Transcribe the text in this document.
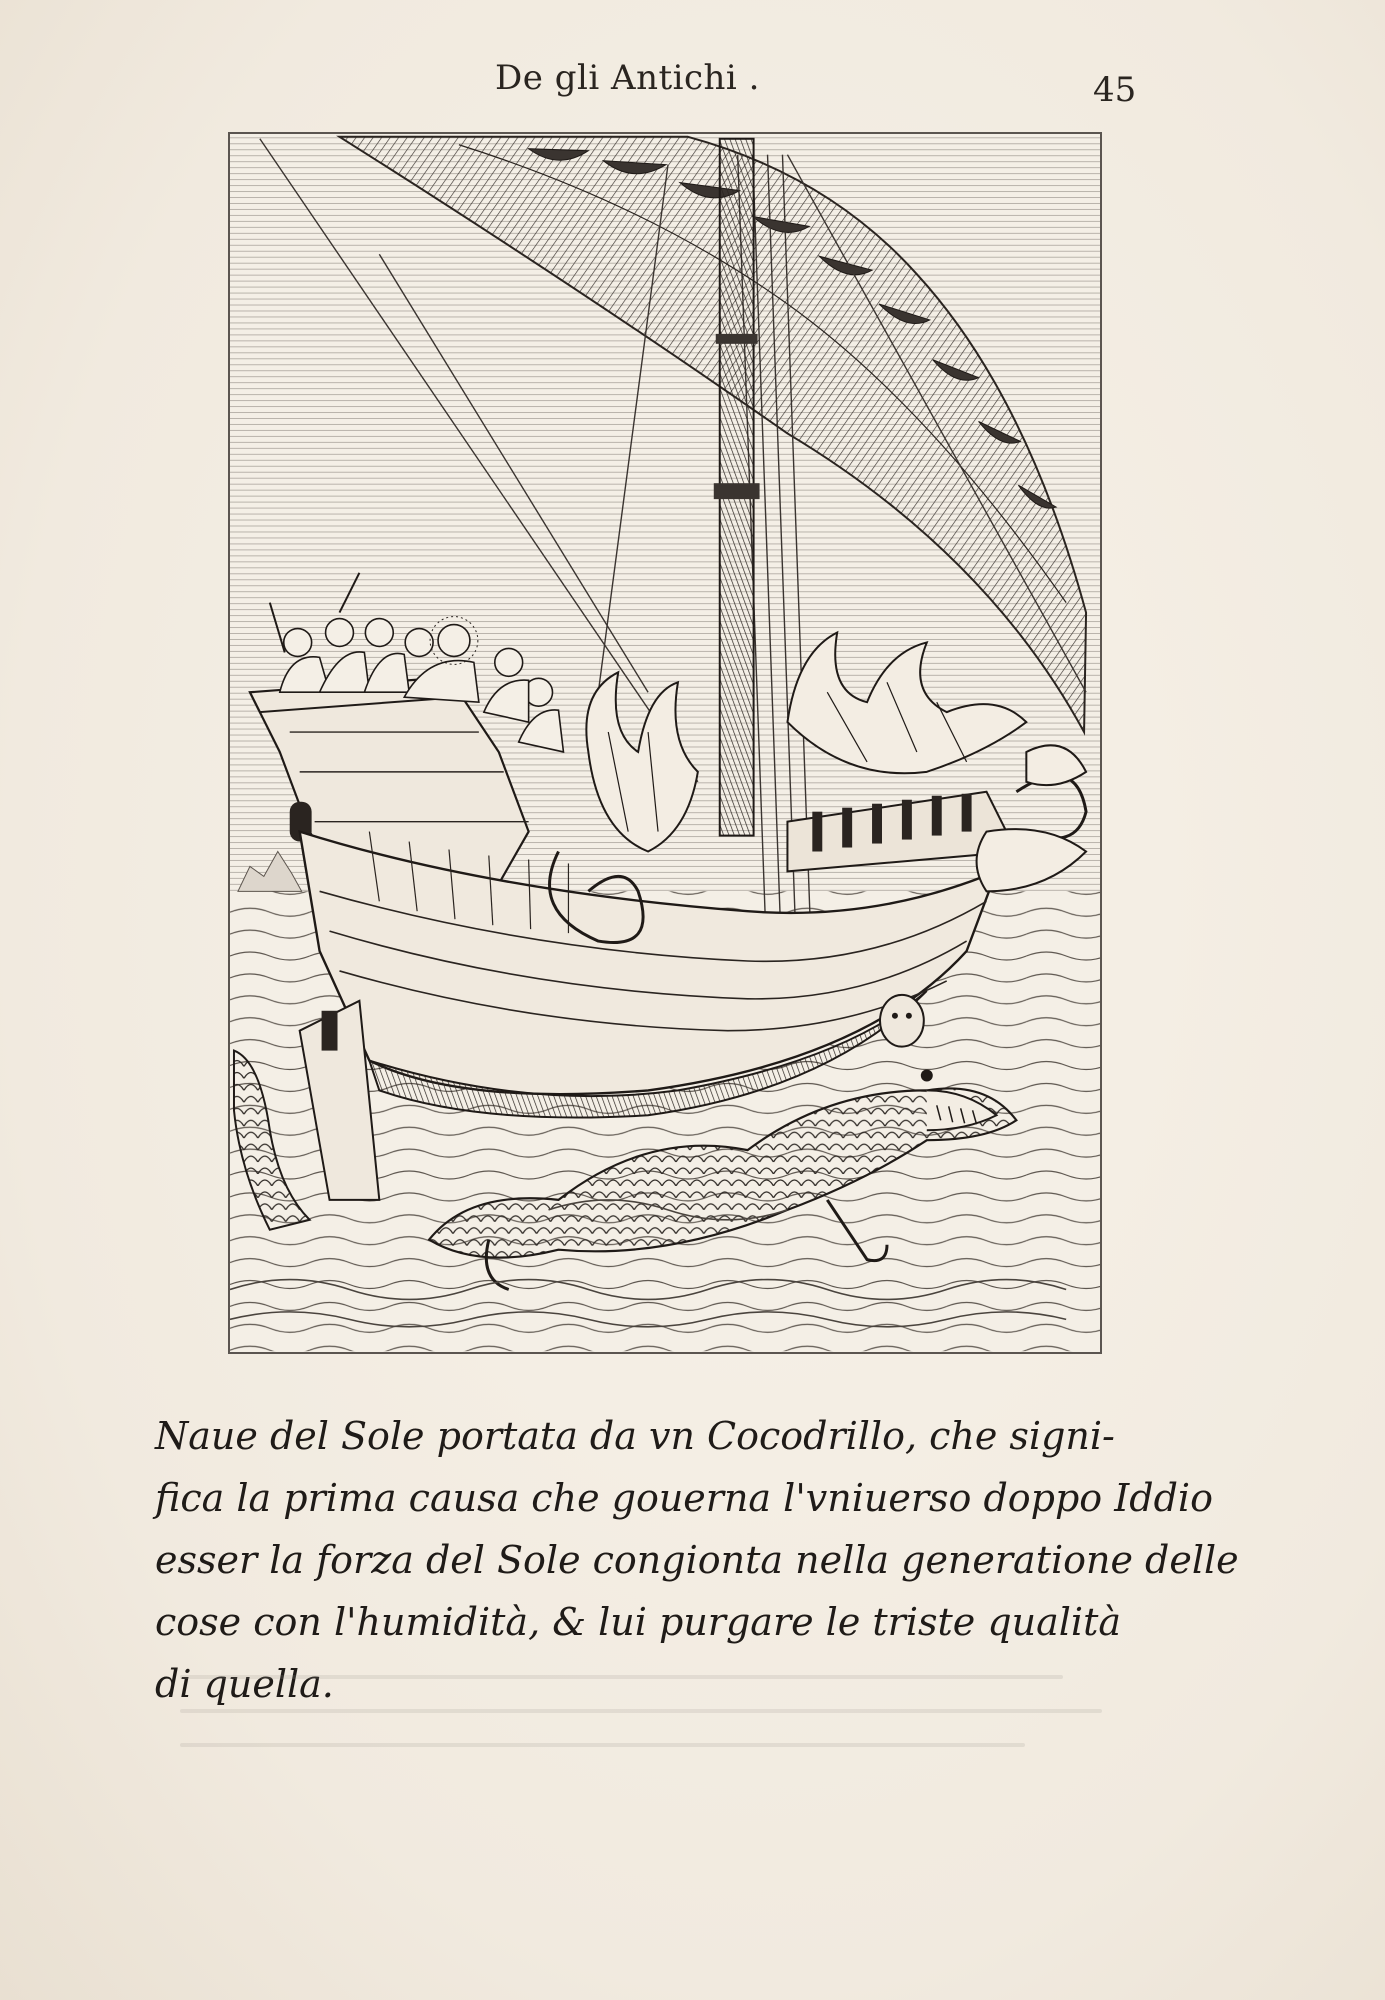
De gli Antichi .	45
Naue del Sole portata da vn Cocodrillo, che signi-
fica la prima causa che gouerna l'vniuerso doppo Iddio
esser la forza del Sole congionta nella generatione delle
cose con l'humidità, & lui purgare le triste qualità
di quella.
